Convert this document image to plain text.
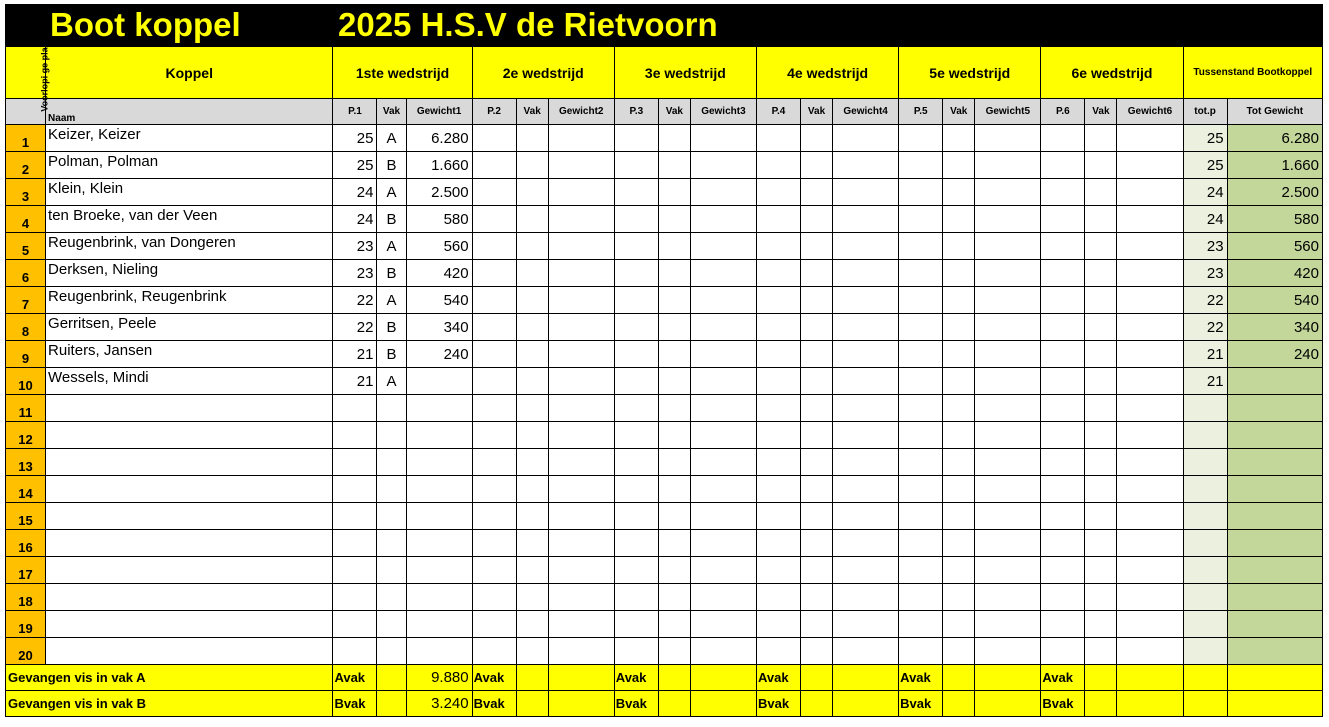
Boot koppel	2025 H.S.V de Rietvoorn
Voorlopi ge plaats	Koppel	1ste wedstrijd			2e wedstrijd			3e wedstrijd			4e wedstrijd			5e wedstrijd			6e wedstrijd			Tussenstand Bootkoppel	
	Naam	P.1	Vak	Gewicht1	P.2	Vak	Gewicht2	P.3	Vak	Gewicht3	P.4	Vak	Gewicht4	P.5	Vak	Gewicht5	P.6	Vak	Gewicht6	tot.p	Tot Gewicht
1	Keizer, Keizer	25	A	6.280																25	6.280
2	Polman, Polman	25	B	1.660																25	1.660
3	Klein, Klein	24	A	2.500																24	2.500
4	ten Broeke, van der Veen	24	B	580																24	580
5	Reugenbrink, van Dongeren	23	A	560																23	560
6	Derksen, Nieling	23	B	420																23	420
7	Reugenbrink, Reugenbrink	22	A	540																22	540
8	Gerritsen, Peele	22	B	340																22	340
9	Ruiters, Jansen	21	B	240																21	240
10	Wessels, Mindi	21	A																	21	
11																					
12																					
13																					
14																					
15																					
16																					
17																					
18																					
19																					
20																					
Gevangen vis in vak A		Avak		9.880	Avak			Avak			Avak			Avak			Avak				
Gevangen vis in vak B		Bvak		3.240	Bvak			Bvak			Bvak			Bvak			Bvak				
